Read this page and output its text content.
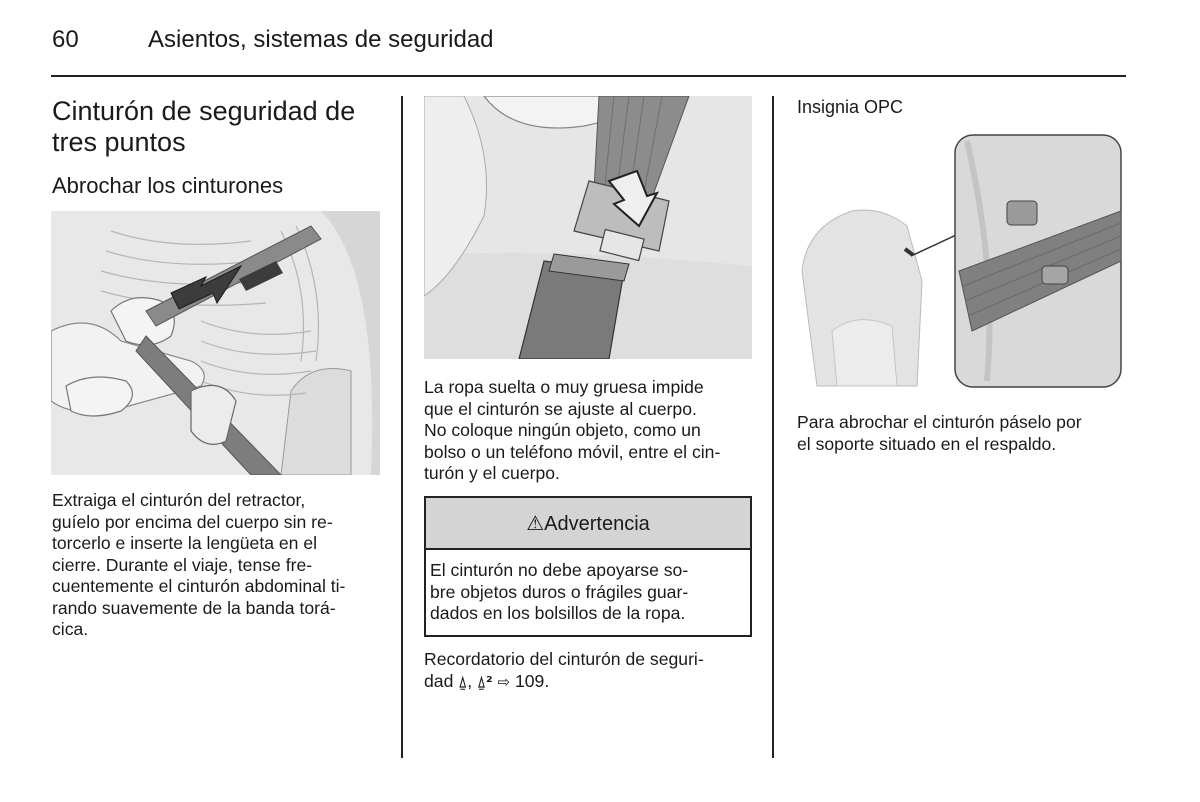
60	Asientos, sistemas de seguridad
Cinturón de seguridad de tres puntos
Abrochar los cinturones
Extraiga el cinturón del retractor,
guíelo por encima del cuerpo sin re-
torcerlo e inserte la lengüeta en el
cierre. Durante el viaje, tense fre-
cuentemente el cinturón abdominal ti-
rando suavemente de la banda torá-
cica.
La ropa suelta o muy gruesa impide
que el cinturón se ajuste al cuerpo.
No coloque ningún objeto, como un
bolso o un teléfono móvil, entre el cin-
turón y el cuerpo.
⚠Advertencia
El cinturón no debe apoyarse so-
bre objetos duros o frágiles guar-
dados en los bolsillos de la ropa.
Recordatorio del cinturón de seguri-
dad ⍙, ⍙² ⇨ 109.
Insignia OPC
Para abrochar el cinturón páselo por
el soporte situado en el respaldo.
